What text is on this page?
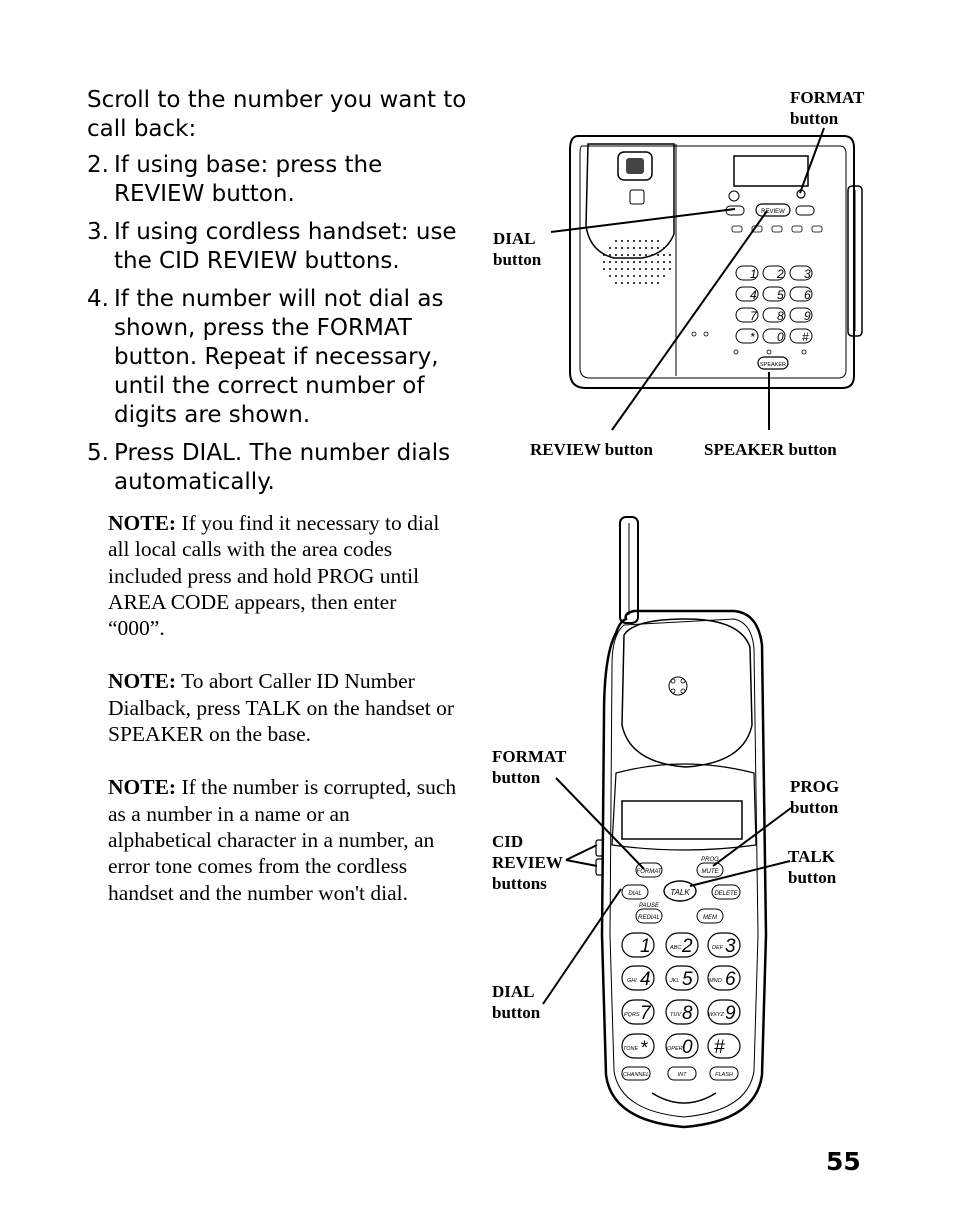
Scroll to the number you want to call back:

2. If using base: press the REVIEW button.
3. If using cordless handset: use the CID REVIEW buttons.
4. If the number will not dial as shown, press the FORMAT button. Repeat if necessary, until the correct number of digits are shown.
5. Press DIAL. The number dials automatically.

NOTE: If you find it necessary to dial all local calls with the area codes included press and hold PROG until AREA CODE appears, then enter “000”.

NOTE: To abort Caller ID Number Dialback, press TALK on the handset or SPEAKER on the base.

NOTE: If the number is corrupted, such as a number in a name or an alphabetical character in a number, an error tone comes from the cordless handset and the number won't dial.

REVIEW
1 2 3
4 5 6
7 8 9
* 0 #
SPEAKER
FORMAT
PROG
MUTE
DIAL	TALK	DELETE
PAUSE
REDIAL	MEM
1 2 3
4 5 6
7 8 9
* 0 #
ABC	DEF
GHI	JKL	MNO
PQRS	TUV	WXYZ
TONE	OPER
CHANNEL	INT	FLASH
FORMAT
button
DIAL
button
REVIEW button	SPEAKER button
FORMAT
button	PROG
button
CID
REVIEW
buttons
TALK
button
DIAL
button
55
